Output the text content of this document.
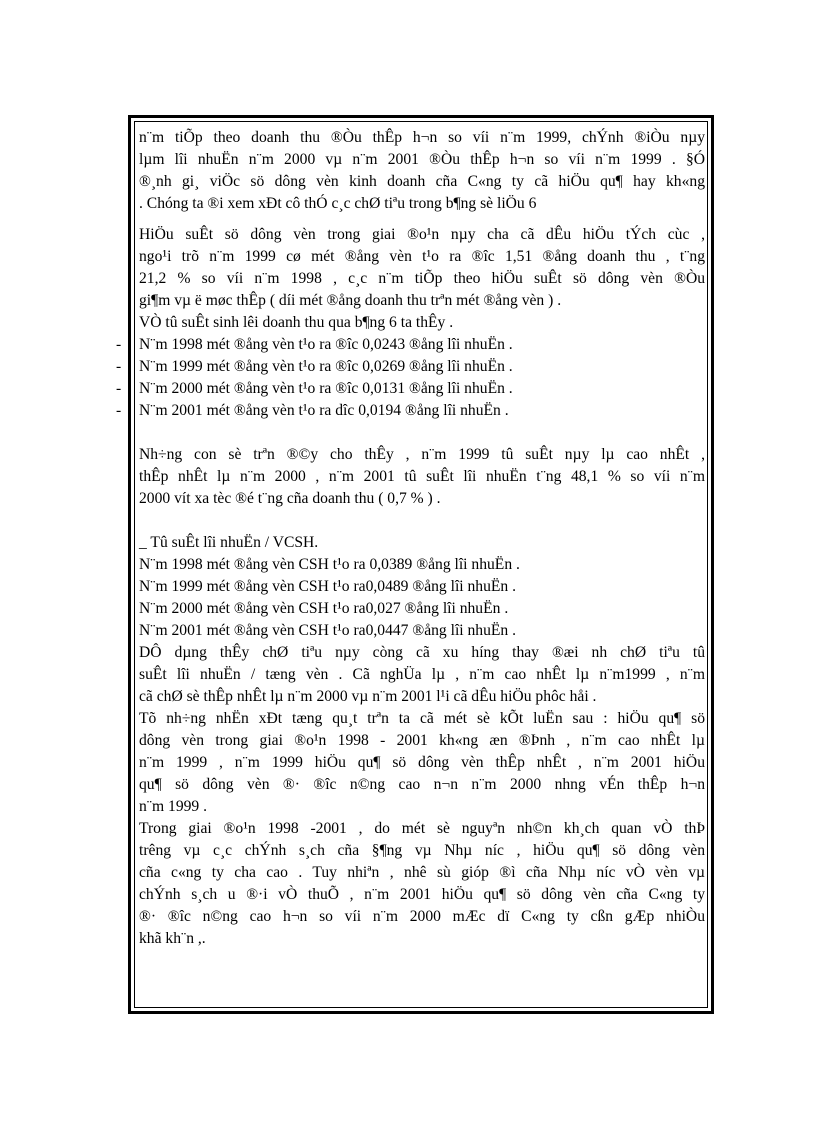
n¨m tiÕp theo doanh thu ®Òu thÊp h¬n so víi n¨m 1999, chÝnh ®iÒu nµy
lµm lîi nhuËn n¨m 2000 vµ n¨m 2001 ®Òu thÊp h¬n so víi n¨m 1999 . §Ó
®¸nh gi¸ viÖc sö dông vèn kinh doanh cña C«ng ty cã hiÖu qu¶ hay kh«ng
. Chóng ta ®i xem xÐt cô thÓ c¸c chØ tiªu trong b¶ng sè liÖu 6

HiÖu suÊt sö dông vèn trong giai ®o¹n nµy cha cã dÊu hiÖu tÝch cùc ,
ngo¹i trõ n¨m 1999 cø mét ®ång vèn t¹o ra ®îc 1,51 ®ång doanh thu , t¨ng
21,2 % so víi n¨m 1998 , c¸c n¨m tiÕp theo hiÖu suÊt sö dông vèn ®Òu
gi¶m vµ ë møc thÊp ( díi mét ®ång doanh thu trªn mét ®ång vèn ) .

VÒ tû suÊt sinh lêi doanh thu qua b¶ng 6 ta thÊy .

- N¨m 1998 mét ®ång vèn t¹o ra ®îc 0,0243 ®ång lîi nhuËn .
- N¨m 1999 mét ®ång vèn t¹o ra ®îc 0,0269 ®ång lîi nhuËn .
- N¨m 2000 mét ®ång vèn t¹o ra ®îc 0,0131 ®ång lîi nhuËn .
- N¨m 2001 mét ®ång vèn t¹o ra dîc 0,0194 ®ång lîi nhuËn .

Nh÷ng con sè trªn ®©y cho thÊy , n¨m 1999 tû suÊt nµy lµ cao nhÊt ,
thÊp nhÊt lµ n¨m 2000 , n¨m 2001 tû suÊt lîi nhuËn t¨ng 48,1 % so víi n¨m
2000 vít xa tèc ®é t¨ng cña doanh thu ( 0,7 % ) .

_ Tû suÊt lîi nhuËn / VCSH.
N¨m 1998 mét ®ång vèn CSH t¹o ra 0,0389 ®ång lîi nhuËn .
N¨m 1999 mét ®ång vèn CSH t¹o ra0,0489 ®ång lîi nhuËn .
N¨m 2000 mét ®ång vèn CSH t¹o ra0,027 ®ång lîi nhuËn .
N¨m 2001 mét ®ång vèn CSH t¹o ra0,0447 ®ång lîi nhuËn .

DÔ dµng thÊy chØ tiªu nµy còng cã xu híng thay ®æi nh chØ tiªu tû
suÊt lîi nhuËn / tæng vèn . Cã nghÜa lµ , n¨m cao nhÊt lµ n¨m1999 , n¨m
cã chØ sè thÊp nhÊt lµ n¨m 2000 vµ n¨m 2001 l¹i cã dÊu hiÖu phôc håi .

Tõ nh÷ng nhËn xÐt tæng qu¸t trªn ta cã mét sè kÕt luËn sau : hiÖu qu¶ sö
dông vèn trong giai ®o¹n 1998 - 2001 kh«ng æn ®Þnh , n¨m cao nhÊt lµ
n¨m 1999 , n¨m 1999 hiÖu qu¶ sö dông vèn thÊp nhÊt , n¨m 2001 hiÖu
qu¶ sö dông vèn ®· ®îc n©ng cao n¬n n¨m 2000 nhng vÉn thÊp h¬n
n¨m 1999 .

Trong giai ®o¹n 1998 -2001 , do mét sè nguyªn nh©n kh¸ch quan vÒ thÞ
trêng vµ c¸c chÝnh s¸ch cña §¶ng vµ Nhµ níc , hiÖu qu¶ sö dông vèn
cña c«ng ty cha cao . Tuy nhiªn , nhê sù gióp ®ì cña Nhµ níc vÒ vèn vµ
chÝnh s¸ch u ®·i vÒ thuÕ , n¨m 2001 hiÖu qu¶ sö dông vèn cña C«ng ty
®· ®îc n©ng cao h¬n so víi n¨m 2000 mÆc dï C«ng ty cßn gÆp nhiÒu
khã kh¨n ,.
